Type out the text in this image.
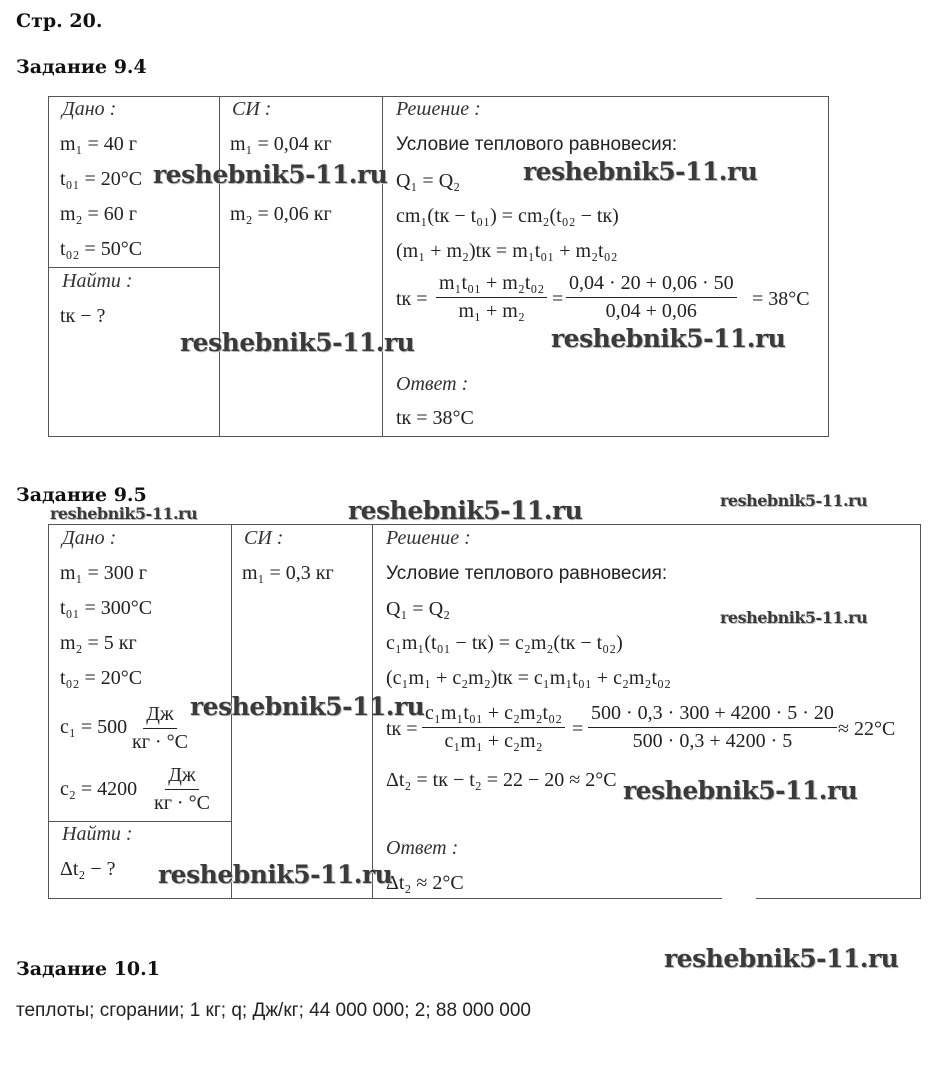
Стр. 20.
Задание 9.4
Дано :
m₁ = 40 г
t₀₁ = 20°C
m₂ = 60 г
t₀₂ = 50°C
Найти :
tк − ?
СИ :
m₁ = 0,04 кг
m₂ = 0,06 кг
Решение :
Условие теплового равновесия:
Q₁ = Q₂
cm₁(tк − t₀₁) = cm₂(t₀₂ − tк)
(m₁ + m₂)tк = m₁t₀₁ + m₂t₀₂
tк = $\frac{\text{m₁t₀₁ + m₂t₀₂}}{\text{m₁ + m₂}} = \frac{0,04 \cdot 20 + 0,06 \cdot 50}{0,04 + 0,06} = 38^\circ C$
Ответ :
tк = 38°C
Задание 9.5
Дано :
m₁ = 300 г
t₀₁ = 300°C
m₂ = 5 кг
t₀₂ = 20°C
c₁ = 500
Дж
кг · °C
c₂ = 4200
Дж
кг · °C
Найти :
Δt₂ − ?
СИ :
m₁ = 0,3 кг
Решение :
Условие теплового равновесия:
Q₁ = Q₂
c₁m₁(t₀₁ − tк) = c₂m₂(tк − t₀₂)
(c₁m₁ + c₂m₂)tк = c₁m₁t₀₁ + c₂m₂t₀₂
tк = $\frac{\text{c₁m₁t₀₁ + c₂m₂t₀₂}}{\text{c₁m₁ + c₂m₂}} = \frac{500 \cdot 0,3 \cdot 300 + 4200 \cdot 5 \cdot 20}{500 \cdot 0,3 + 4200 \cdot 5} \approx 22^\circ C$
Δt₂ = tк − t₂ = 22 − 20 ≈ 2°C
Ответ :
Δt₂ ≈ 2°C
Задание 10.1
теплоты; сгорании; 1 кг; q; Дж/кг; 44 000 000; 2; 88 000 000
reshebnik5-11.ru	reshebnik5-11.ru
reshebnik5-11.ru	reshebnik5-11.ru
reshebnik5-11.ru	reshebnik5-11.ru	reshebnik5-11.ru
reshebnik5-11.ru
reshebnik5-11.ru
reshebnik5-11.ru
reshebnik5-11.ru
reshebnik5-11.ru
